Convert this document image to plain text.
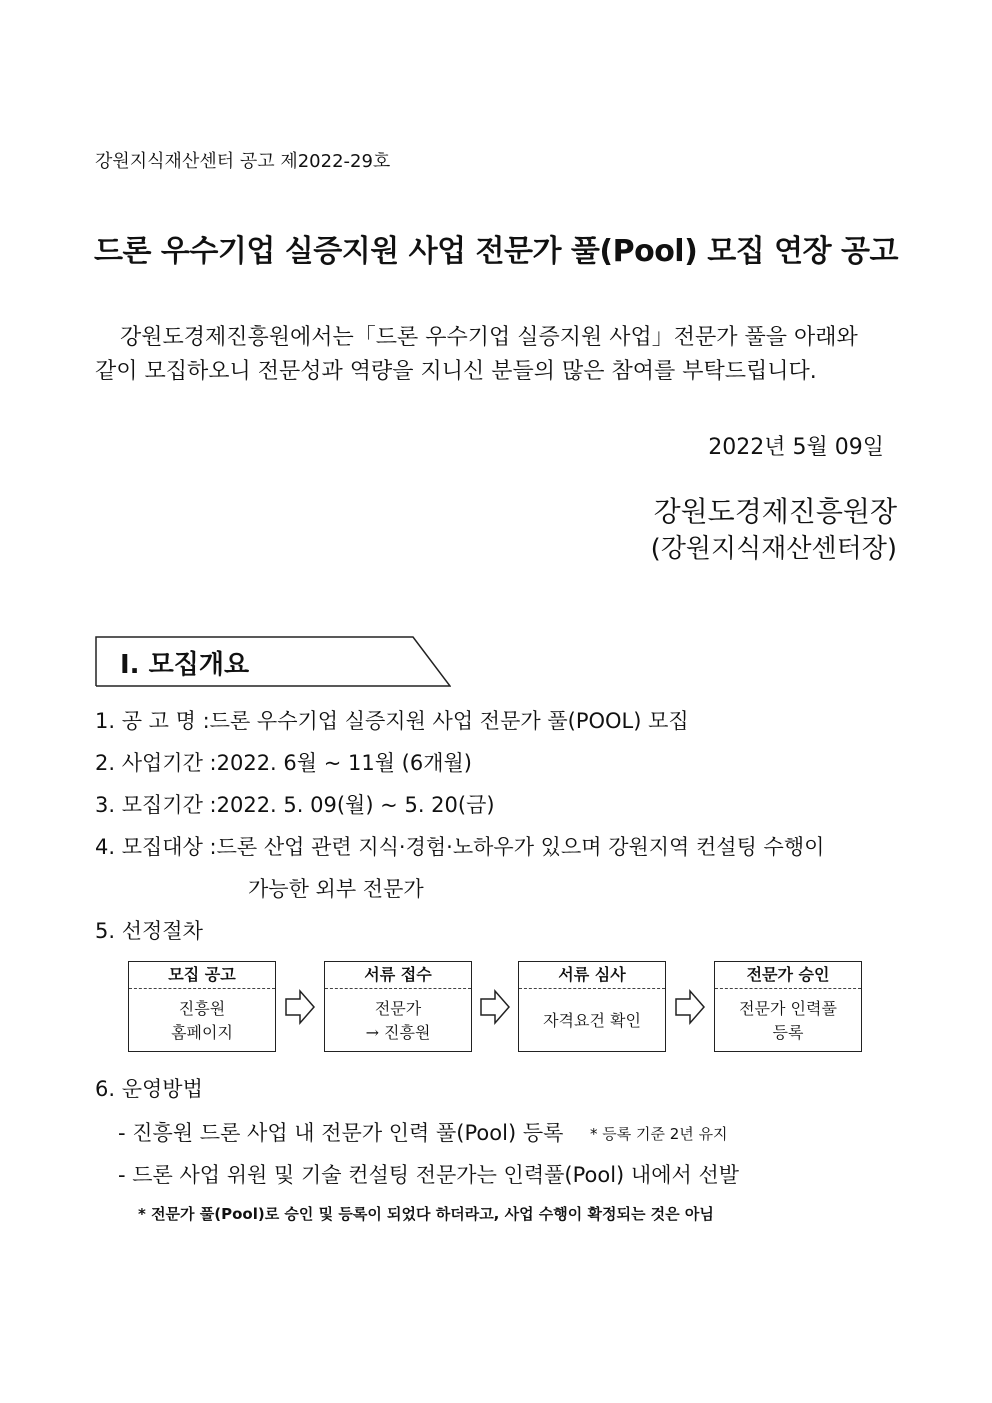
강원지식재산센터 공고 제2022-29호
드론 우수기업 실증지원 사업 전문가 풀(Pool) 모집 연장 공고
강원도경제진흥원에서는「드론 우수기업 실증지원 사업」전문가 풀을 아래와
같이 모집하오니 전문성과 역량을 지니신 분들의 많은 참여를 부탁드립니다.
2022년 5월 09일
강원도경제진흥원장
(강원지식재산센터장)
Ⅰ. 모집개요
1. 공 고 명 :드론 우수기업 실증지원 사업 전문가 풀(POOL) 모집
2. 사업기간 :2022. 6월 ~ 11월 (6개월)
3. 모집기간 :2022. 5. 09(월) ~ 5. 20(금)
4. 모집대상 :드론 산업 관련 지식·경험·노하우가 있으며 강원지역 컨설팅 수행이
가능한 외부 전문가
5. 선정절차
모집 공고
진흥원
홈페이지
서류 접수
전문가
→ 진흥원
서류 심사
자격요건 확인
전문가 승인
전문가 인력풀
등록
6. 운영방법
- 진흥원 드론 사업 내 전문가 인력 풀(Pool) 등록 * 등록 기준 2년 유지
- 드론 사업 위원 및 기술 컨설팅 전문가는 인력풀(Pool) 내에서 선발
* 전문가 풀(Pool)로 승인 및 등록이 되었다 하더라고, 사업 수행이 확정되는 것은 아님
